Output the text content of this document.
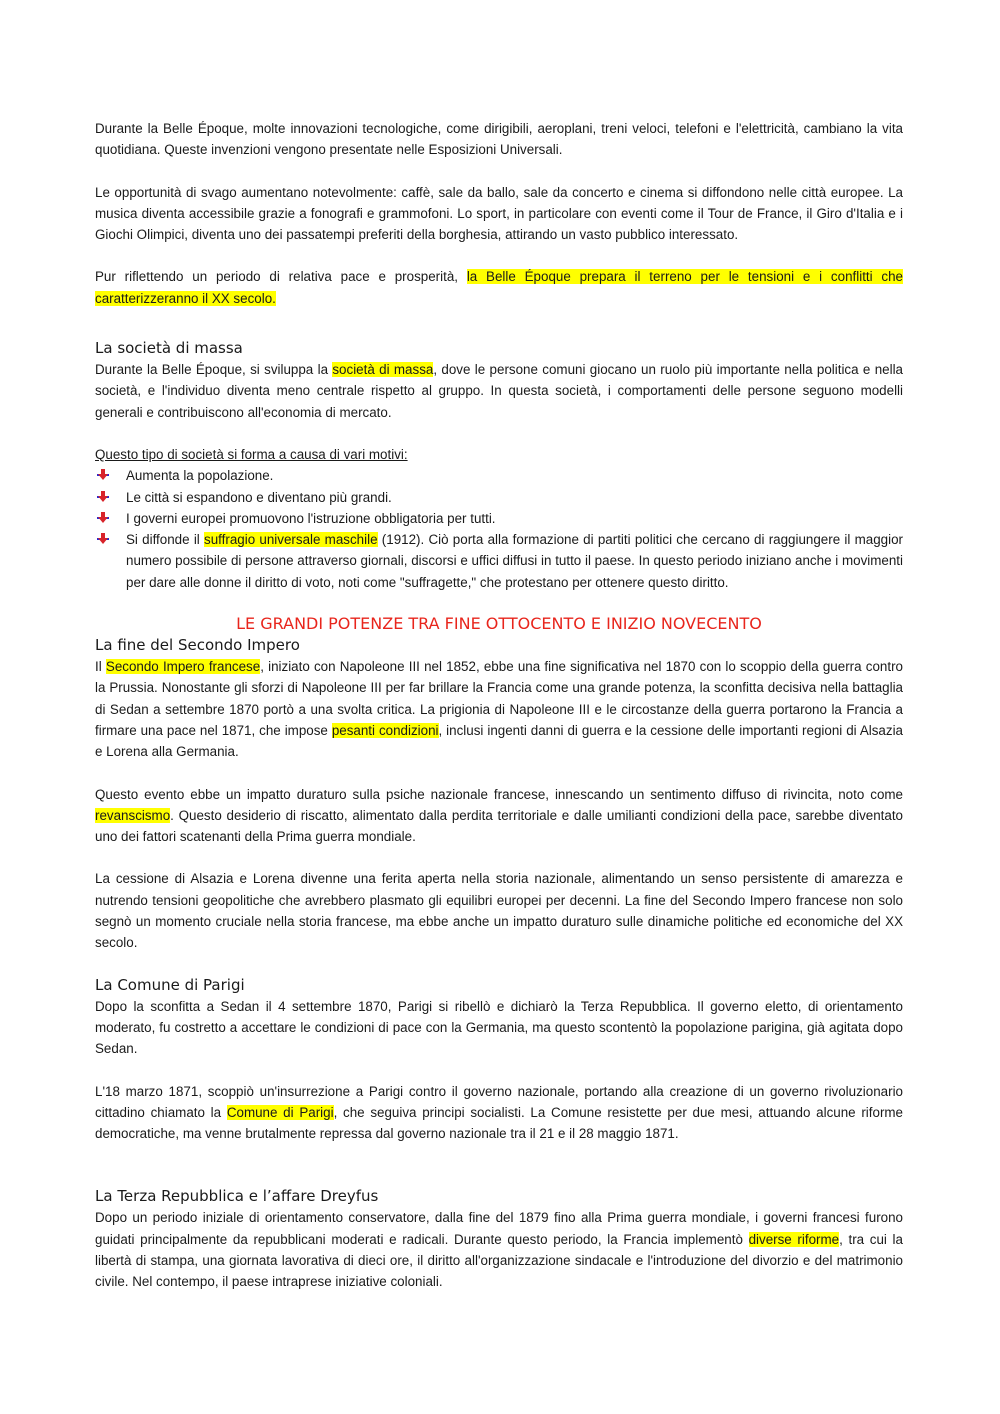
Durante la Belle Époque, molte innovazioni tecnologiche, come dirigibili, aeroplani, treni veloci, telefoni e l'elettricità, cambiano la vita quotidiana. Queste invenzioni vengono presentate nelle Esposizioni Universali.

Le opportunità di svago aumentano notevolmente: caffè, sale da ballo, sale da concerto e cinema si diffondono nelle città europee. La musica diventa accessibile grazie a fonografi e grammofoni. Lo sport, in particolare con eventi come il Tour de France, il Giro d'Italia e i Giochi Olimpici, diventa uno dei passatempi preferiti della borghesia, attirando un vasto pubblico interessato.

Pur riflettendo un periodo di relativa pace e prosperità, la Belle Époque prepara il terreno per le tensioni e i conflitti che caratterizzeranno il XX secolo.

La società di massa

Durante la Belle Époque, si sviluppa la società di massa, dove le persone comuni giocano un ruolo più importante nella politica e nella società, e l'individuo diventa meno centrale rispetto al gruppo. In questa società, i comportamenti delle persone seguono modelli generali e contribuiscono all'economia di mercato.

Questo tipo di società si forma a causa di vari motivi:

Aumenta la popolazione.
Le città si espandono e diventano più grandi.
I governi europei promuovono l'istruzione obbligatoria per tutti.
Si diffonde il suffragio universale maschile (1912). Ciò porta alla formazione di partiti politici che cercano di raggiungere il maggior numero possibile di persone attraverso giornali, discorsi e uffici diffusi in tutto il paese. In questo periodo iniziano anche i movimenti per dare alle donne il diritto di voto, noti come "suffragette," che protestano per ottenere questo diritto.
LE GRANDI POTENZE TRA FINE OTTOCENTO E INIZIO NOVECENTO
La fine del Secondo Impero

Il Secondo Impero francese, iniziato con Napoleone III nel 1852, ebbe una fine significativa nel 1870 con lo scoppio della guerra contro la Prussia. Nonostante gli sforzi di Napoleone III per far brillare la Francia come una grande potenza, la sconfitta decisiva nella battaglia di Sedan a settembre 1870 portò a una svolta critica. La prigionia di Napoleone III e le circostanze della guerra portarono la Francia a firmare una pace nel 1871, che impose pesanti condizioni, inclusi ingenti danni di guerra e la cessione delle importanti regioni di Alsazia e Lorena alla Germania.

Questo evento ebbe un impatto duraturo sulla psiche nazionale francese, innescando un sentimento diffuso di rivincita, noto come revanscismo. Questo desiderio di riscatto, alimentato dalla perdita territoriale e dalle umilianti condizioni della pace, sarebbe diventato uno dei fattori scatenanti della Prima guerra mondiale.

La cessione di Alsazia e Lorena divenne una ferita aperta nella storia nazionale, alimentando un senso persistente di amarezza e nutrendo tensioni geopolitiche che avrebbero plasmato gli equilibri europei per decenni. La fine del Secondo Impero francese non solo segnò un momento cruciale nella storia francese, ma ebbe anche un impatto duraturo sulle dinamiche politiche ed economiche del XX secolo.

La Comune di Parigi

Dopo la sconfitta a Sedan il 4 settembre 1870, Parigi si ribellò e dichiarò la Terza Repubblica. Il governo eletto, di orientamento moderato, fu costretto a accettare le condizioni di pace con la Germania, ma questo scontentò la popolazione parigina, già agitata dopo Sedan.

L'18 marzo 1871, scoppiò un'insurrezione a Parigi contro il governo nazionale, portando alla creazione di un governo rivoluzionario cittadino chiamato la Comune di Parigi, che seguiva principi socialisti. La Comune resistette per due mesi, attuando alcune riforme democratiche, ma venne brutalmente repressa dal governo nazionale tra il 21 e il 28 maggio 1871.

La Terza Repubblica e l’affare Dreyfus

Dopo un periodo iniziale di orientamento conservatore, dalla fine del 1879 fino alla Prima guerra mondiale, i governi francesi furono guidati principalmente da repubblicani moderati e radicali. Durante questo periodo, la Francia implementò diverse riforme, tra cui la libertà di stampa, una giornata lavorativa di dieci ore, il diritto all'organizzazione sindacale e l'introduzione del divorzio e del matrimonio civile. Nel contempo, il paese intraprese iniziative coloniali.
